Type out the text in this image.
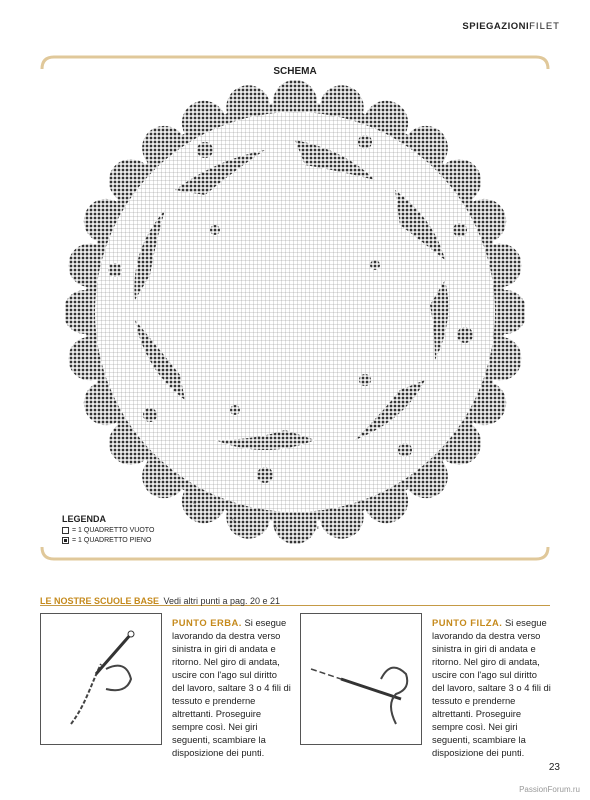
SPIEGAZIONIFILET
SCHEMA
A
B
C
D	E
F
G
H
LEGENDA
= 1 QUADRETTO VUOTO
= 1 QUADRETTO PIENO
LE NOSTRE SCUOLE BASE Vedi altri punti a pag. 20 e 21
PUNTO ERBA. Si esegue lavorando da destra verso sinistra in giri di andata e ritorno. Nel giro di andata, uscire con l'ago sul diritto del lavoro, saltare 3 o 4 fili di tessuto e prenderne altrettanti. Proseguire sempre così. Nei giri seguenti, scambiare la disposizione dei punti.
PUNTO FILZA. Si esegue lavorando da destra verso sinistra in giri di andata e ritorno. Nel giro di andata, uscire con l'ago sul diritto del lavoro, saltare 3 o 4 fili di tessuto e prenderne altrettanti. Proseguire sempre così. Nei giri seguenti, scambiare la disposizione dei punti.
23
PassionForum.ru
